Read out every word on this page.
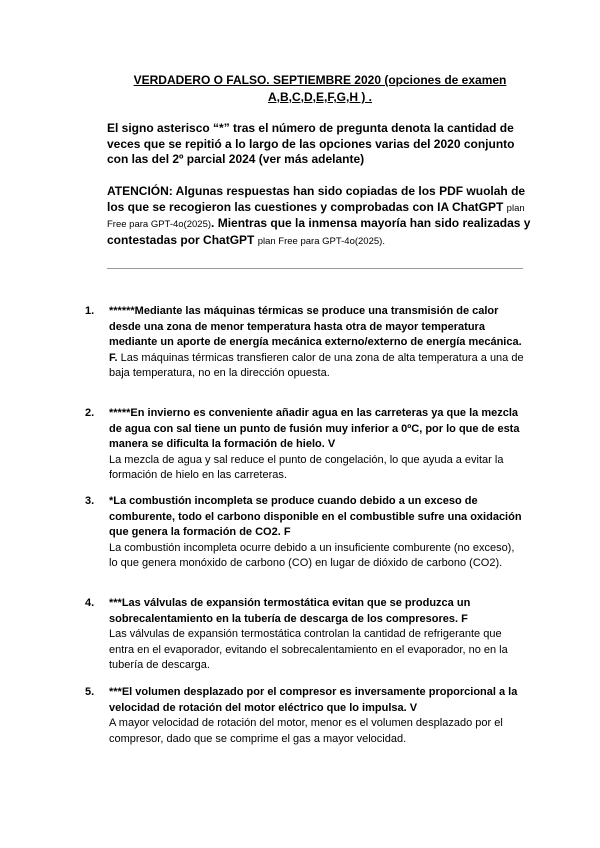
VERDADERO O FALSO. SEPTIEMBRE 2020 (opciones de examen A,B,C,D,E,F,G,H ) .
El signo asterisco “*” tras el número de pregunta denota la cantidad de veces que se repitió a lo largo de las opciones varias del 2020 conjunto con las del 2º parcial 2024 (ver más adelante)
ATENCIÓN: Algunas respuestas han sido copiadas de los PDF wuolah de los que se recogieron las cuestiones y comprobadas con IA ChatGPT plan Free para GPT-4o(2025). Mientras que la inmensa mayoría han sido realizadas y contestadas por ChatGPT plan Free para GPT-4o(2025).
1. ******Mediante las máquinas térmicas se produce una transmisión de calor desde una zona de menor temperatura hasta otra de mayor temperatura mediante un aporte de energía mecánica externo/externo de energía mecánica.
F. Las máquinas térmicas transfieren calor de una zona de alta temperatura a una de baja temperatura, no en la dirección opuesta.
2. *****En invierno es conveniente añadir agua en las carreteras ya que la mezcla de agua con sal tiene un punto de fusión muy inferior a 0ºC, por lo que de esta manera se dificulta la formación de hielo. V
La mezcla de agua y sal reduce el punto de congelación, lo que ayuda a evitar la formación de hielo en las carreteras.
3. *La combustión incompleta se produce cuando debido a un exceso de comburente, todo el carbono disponible en el combustible sufre una oxidación que genera la formación de CO2. F
La combustión incompleta ocurre debido a un insuficiente comburente (no exceso), lo que genera monóxido de carbono (CO) en lugar de dióxido de carbono (CO2).
4. ***Las válvulas de expansión termostática evitan que se produzca un sobrecalentamiento en la tubería de descarga de los compresores. F
Las válvulas de expansión termostática controlan la cantidad de refrigerante que entra en el evaporador, evitando el sobrecalentamiento en el evaporador, no en la tubería de descarga.
5. ***El volumen desplazado por el compresor es inversamente proporcional a la velocidad de rotación del motor eléctrico que lo impulsa. V
A mayor velocidad de rotación del motor, menor es el volumen desplazado por el compresor, dado que se comprime el gas a mayor velocidad.
